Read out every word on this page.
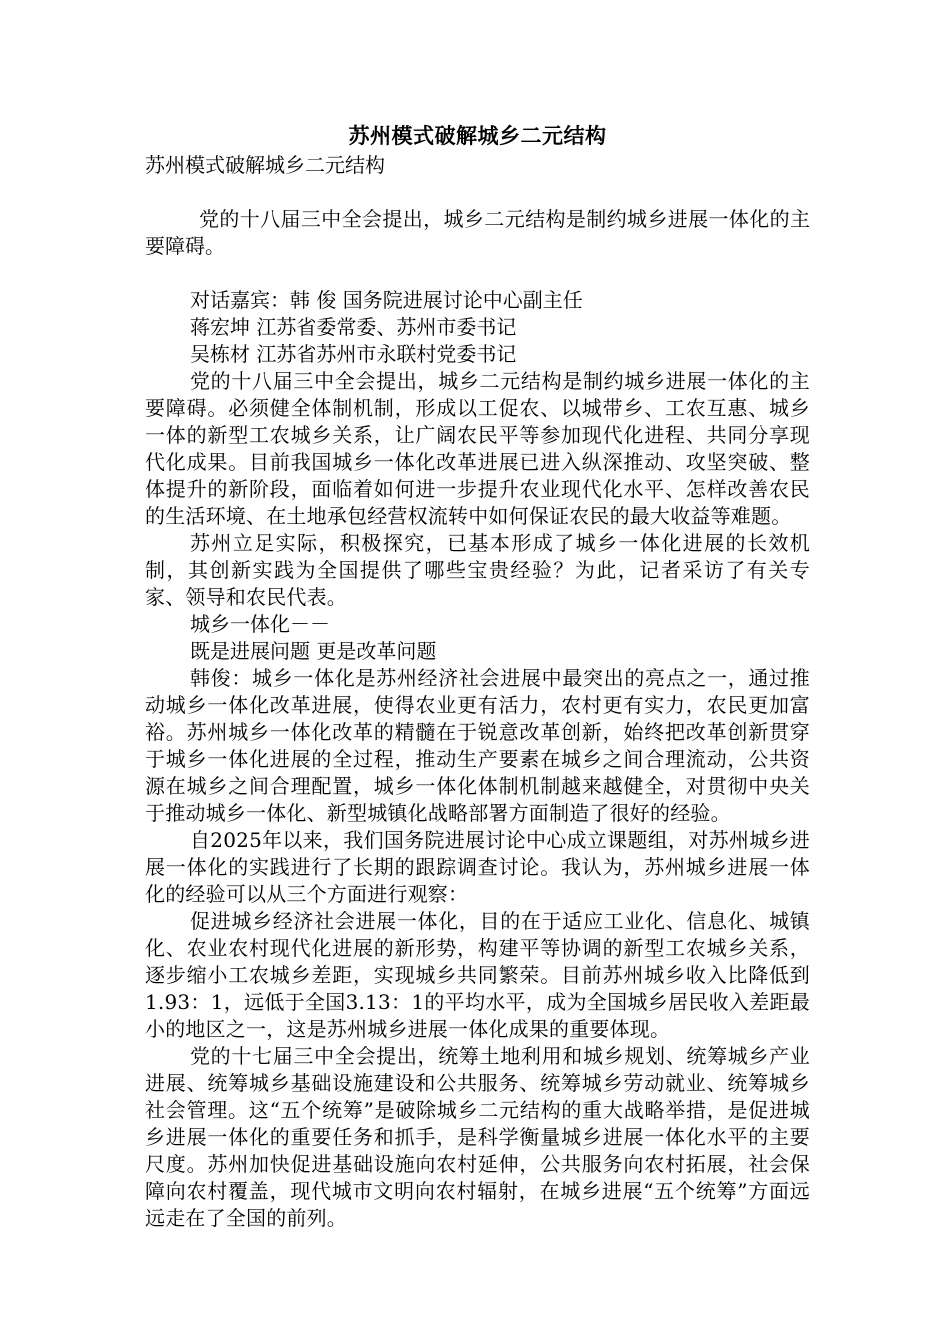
苏州模式破解城乡二元结构

苏州模式破解城乡二元结构

党的十八届三中全会提出，城乡二元结构是制约城乡进展一体化的主要障碍。

对话嘉宾：韩 俊 国务院进展讨论中心副主任

蒋宏坤 江苏省委常委、苏州市委书记

吴栋材 江苏省苏州市永联村党委书记

党的十八届三中全会提出，城乡二元结构是制约城乡进展一体化的主要障碍。必须健全体制机制，形成以工促农、以城带乡、工农互惠、城乡一体的新型工农城乡关系，让广阔农民平等参加现代化进程、共同分享现代化成果。目前我国城乡一体化改革进展已进入纵深推动、攻坚突破、整体提升的新阶段，面临着如何进一步提升农业现代化水平、怎样改善农民的生活环境、在土地承包经营权流转中如何保证农民的最大收益等难题。

苏州立足实际，积极探究，已基本形成了城乡一体化进展的长效机制，其创新实践为全国提供了哪些宝贵经验？为此，记者采访了有关专家、领导和农民代表。

城乡一体化－－

既是进展问题 更是改革问题

韩俊：城乡一体化是苏州经济社会进展中最突出的亮点之一，通过推动城乡一体化改革进展，使得农业更有活力，农村更有实力，农民更加富裕。苏州城乡一体化改革的精髓在于锐意改革创新，始终把改革创新贯穿于城乡一体化进展的全过程，推动生产要素在城乡之间合理流动，公共资源在城乡之间合理配置，城乡一体化体制机制越来越健全，对贯彻中央关于推动城乡一体化、新型城镇化战略部署方面制造了很好的经验。

自2025年以来，我们国务院进展讨论中心成立课题组，对苏州城乡进展一体化的实践进行了长期的跟踪调查讨论。我认为，苏州城乡进展一体化的经验可以从三个方面进行观察：

促进城乡经济社会进展一体化，目的在于适应工业化、信息化、城镇化、农业农村现代化进展的新形势，构建平等协调的新型工农城乡关系，逐步缩小工农城乡差距，实现城乡共同繁荣。目前苏州城乡收入比降低到1.93：1，远低于全国3.13：1的平均水平，成为全国城乡居民收入差距最小的地区之一，这是苏州城乡进展一体化成果的重要体现。

党的十七届三中全会提出，统筹土地利用和城乡规划、统筹城乡产业进展、统筹城乡基础设施建设和公共服务、统筹城乡劳动就业、统筹城乡社会管理。这“五个统筹”是破除城乡二元结构的重大战略举措，是促进城乡进展一体化的重要任务和抓手，是科学衡量城乡进展一体化水平的主要尺度。苏州加快促进基础设施向农村延伸，公共服务向农村拓展，社会保障向农村覆盖，现代城市文明向农村辐射，在城乡进展“五个统筹”方面远远走在了全国的前列。
